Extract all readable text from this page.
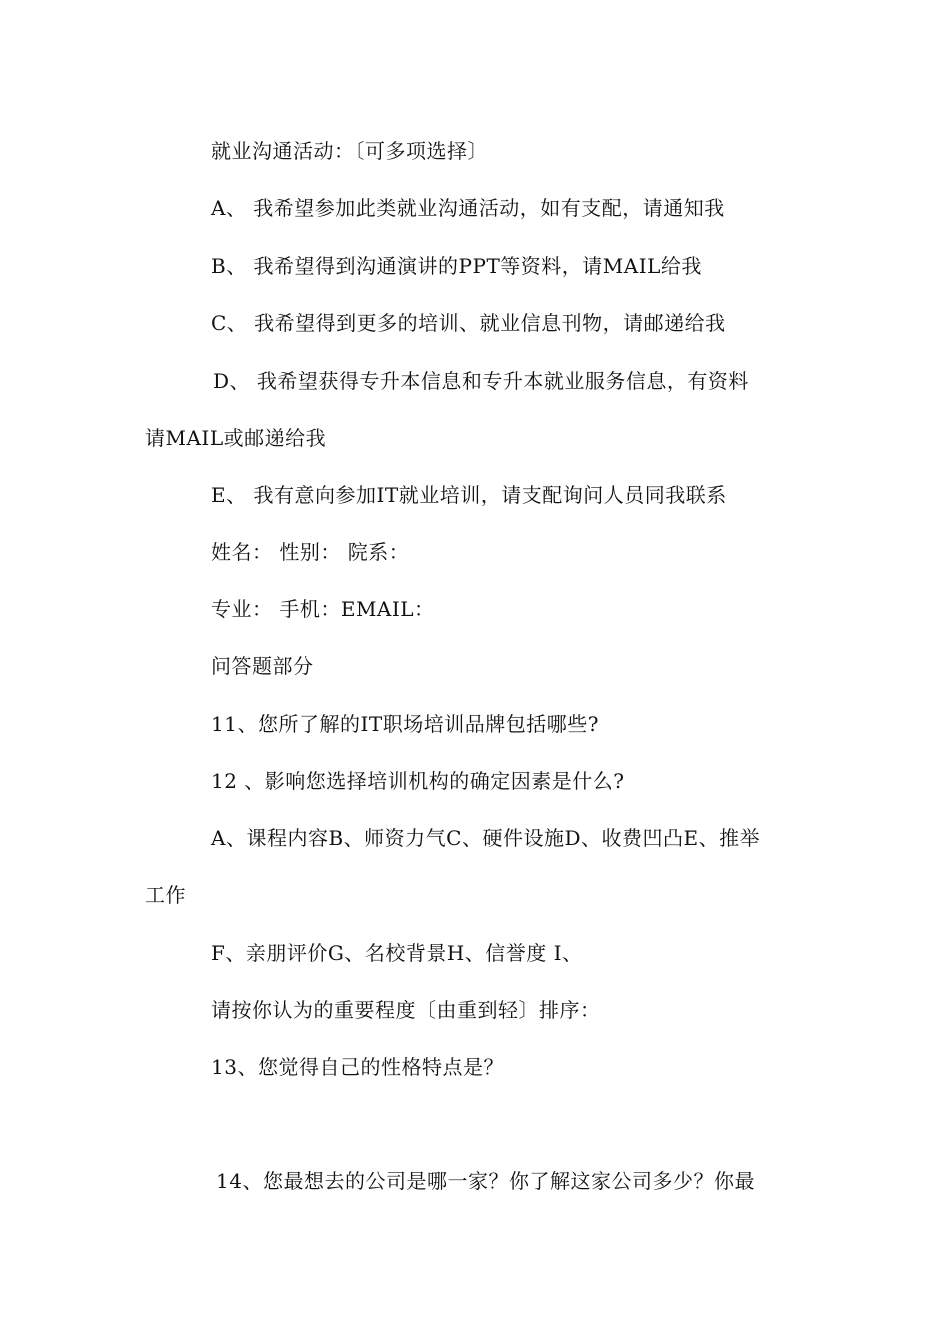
就业沟通活动：〔可多项选择〕
A、 我希望参加此类就业沟通活动，如有支配，请通知我
B、 我希望得到沟通演讲的PPT等资料，请MAIL给我
C、 我希望得到更多的培训、就业信息刊物，请邮递给我
D、 我希望获得专升本信息和专升本就业服务信息，有资料
请MAIL或邮递给我
E、 我有意向参加IT就业培训，请支配询问人员同我联系
姓名： 性别： 院系：
专业： 手机：EMAIL：
问答题部分
11、您所了解的IT职场培训品牌包括哪些?
12 、影响您选择培训机构的确定因素是什么?
A、课程内容B、师资力气C、硬件设施D、收费凹凸E、推举
工作
F、亲朋评价G、名校背景H、信誉度 I、
请按你认为的重要程度〔由重到轻〕排序：
13、您觉得自己的性格特点是？
14、您最想去的公司是哪一家？你了解这家公司多少？你最
